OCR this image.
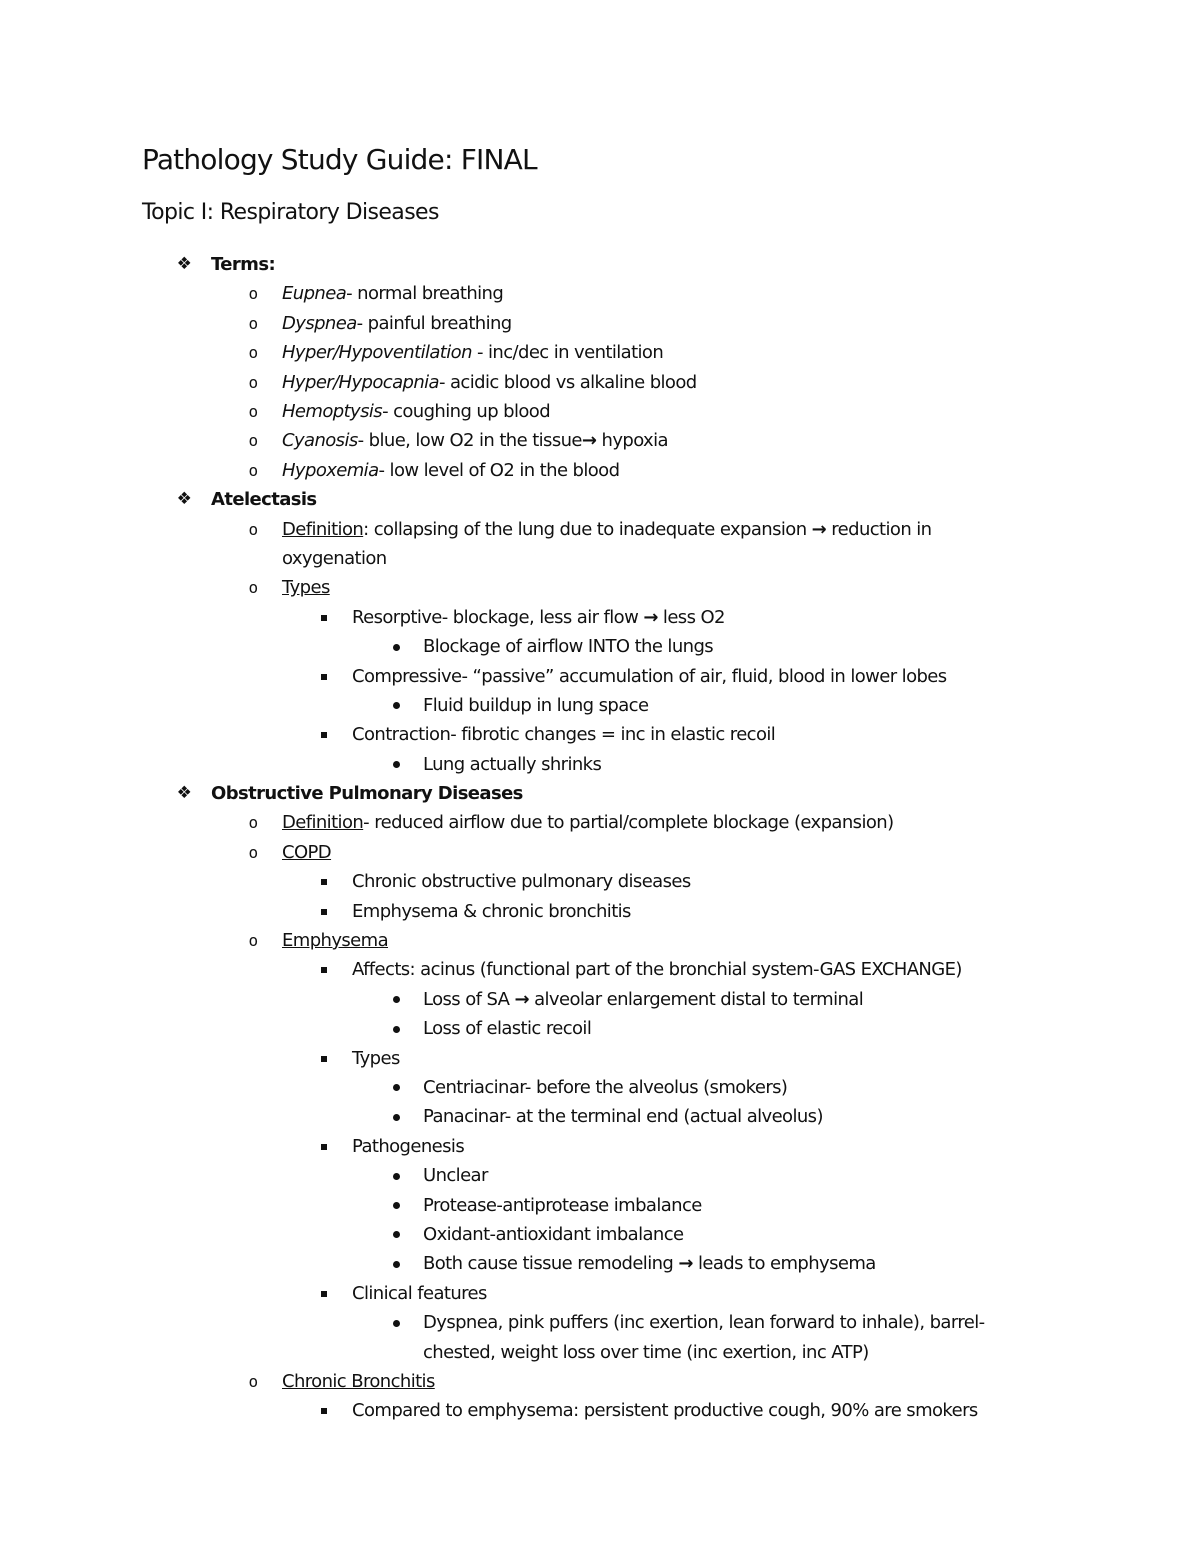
Pathology Study Guide: FINAL
Topic I: Respiratory Diseases
❖ Terms:
o	Eupnea- normal breathing
o	Dyspnea- painful breathing
o	Hyper/Hypoventilation - inc/dec in ventilation
o	Hyper/Hypocapnia- acidic blood vs alkaline blood
o	Hemoptysis- coughing up blood
o	Cyanosis- blue, low O2 in the tissue→ hypoxia
o	Hypoxemia- low level of O2 in the blood
❖ Atelectasis
o	Definition: collapsing of the lung due to inadequate expansion → reduction in oxygenation
o	Types
Resorptive- blockage, less air flow → less O2
Blockage of airflow INTO the lungs
Compressive- “passive” accumulation of air, fluid, blood in lower lobes
Fluid buildup in lung space
Contraction- fibrotic changes = inc in elastic recoil
Lung actually shrinks
❖ Obstructive Pulmonary Diseases
o	Definition- reduced airflow due to partial/complete blockage (expansion)
o	COPD
Chronic obstructive pulmonary diseases
Emphysema & chronic bronchitis
o	Emphysema
Affects: acinus (functional part of the bronchial system-GAS EXCHANGE)
Loss of SA → alveolar enlargement distal to terminal
Loss of elastic recoil
Types
Centriacinar- before the alveolus (smokers)
Panacinar- at the terminal end (actual alveolus)
Pathogenesis
Unclear
Protease-antiprotease imbalance
Oxidant-antioxidant imbalance
Both cause tissue remodeling → leads to emphysema
Clinical features
Dyspnea, pink puffers (inc exertion, lean forward to inhale), barrel-chested, weight loss over time (inc exertion, inc ATP)
o	Chronic Bronchitis
Compared to emphysema: persistent productive cough, 90% are smokers
